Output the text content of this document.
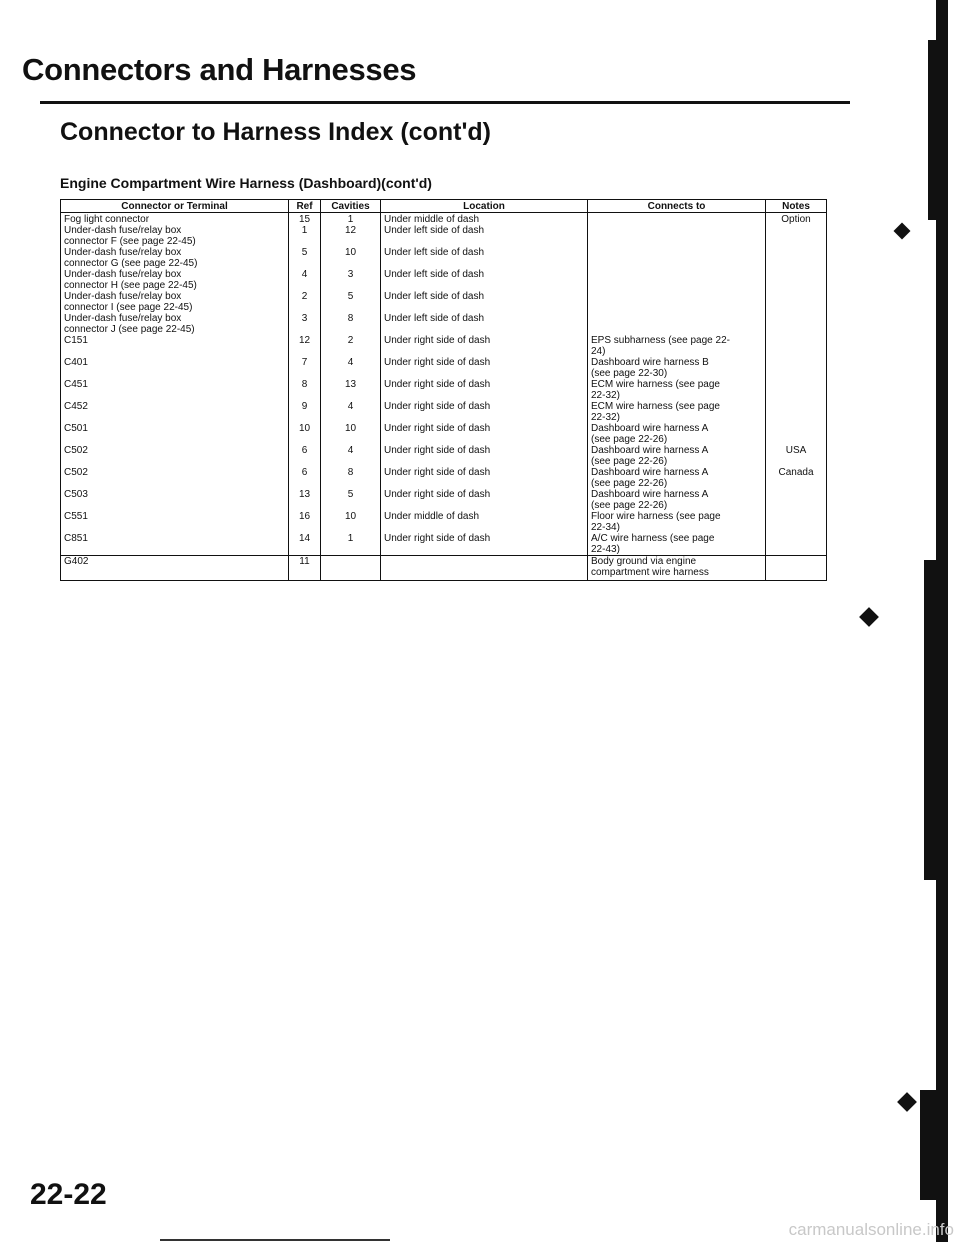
Connectors and Harnesses
Connector to Harness Index (cont'd)
Engine Compartment Wire Harness (Dashboard)(cont'd)
Connector or Terminal	Ref	Cavities	Location	Connects to	Notes

Fog light connector	15	1	Under middle of dash		Option

Under-dash fuse/relay box
connector F (see page 22-45)	1	12	Under left side of dash		

Under-dash fuse/relay box
connector G (see page 22-45)	5	10	Under left side of dash		

Under-dash fuse/relay box
connector H (see page 22-45)	4	3	Under left side of dash		

Under-dash fuse/relay box
connector I (see page 22-45)	2	5	Under left side of dash		

Under-dash fuse/relay box
connector J (see page 22-45)	3	8	Under left side of dash		

C151	12	2	Under right side of dash	EPS subharness (see page 22-
24)	

C401	7	4	Under right side of dash	Dashboard wire harness B
(see page 22-30)	

C451	8	13	Under right side of dash	ECM wire harness (see page
22-32)	

C452	9	4	Under right side of dash	ECM wire harness (see page
22-32)	

C501	10	10	Under right side of dash	Dashboard wire harness A
(see page 22-26)	

C502	6	4	Under right side of dash	Dashboard wire harness A
(see page 22-26)	USA

C502	6	8	Under right side of dash	Dashboard wire harness A
(see page 22-26)	Canada

C503	13	5	Under right side of dash	Dashboard wire harness A
(see page 22-26)	

C551	16	10	Under middle of dash	Floor wire harness (see page
22-34)	

C851	14	1	Under right side of dash	A/C wire harness (see page
22-43)	

G402	11			Body ground via engine
compartment wire harness	

22-22
carmanualsonline.info
